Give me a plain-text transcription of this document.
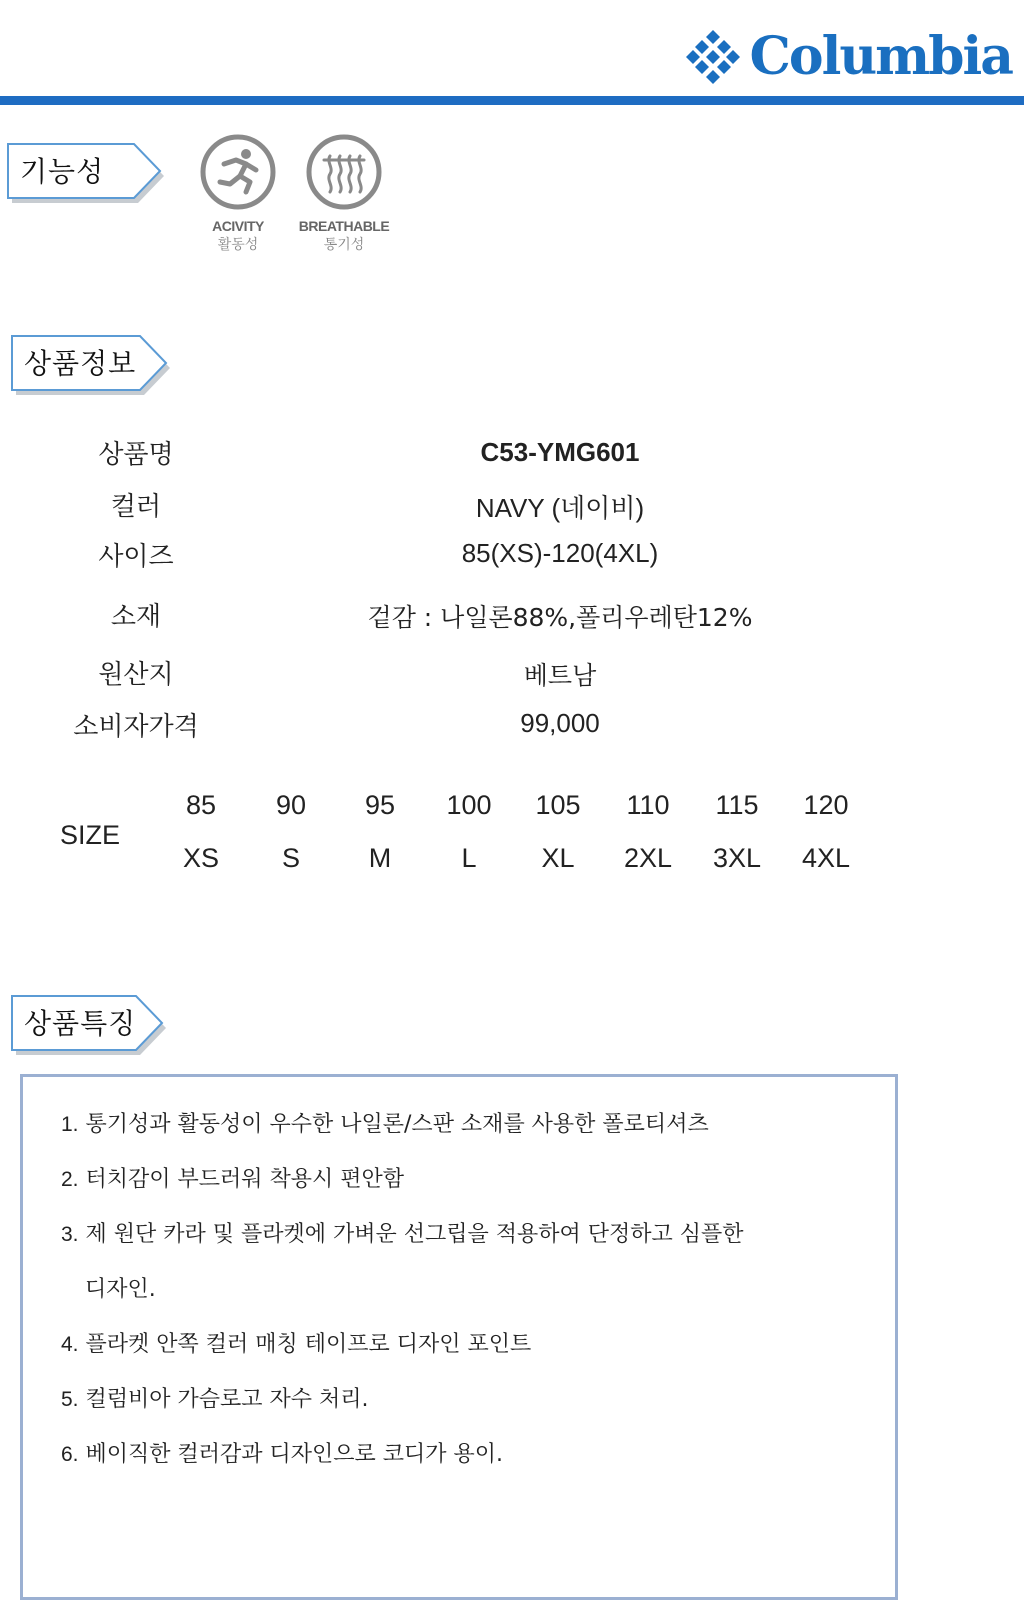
Columbia
기능성
ACIVITY
활동성
BREATHABLE
통기성
상품정보
상품명	C53-YMG601
컬러	NAVY (네이비)
사이즈	85(XS)-120(4XL)
소재	겉감 : 나일론88%,폴리우레탄12%
원산지	베트남
소비자가격	99,000
SIZE
85	90	95	100	105	110	115	120
XS	S	M	L	XL	2XL	3XL	4XL
상품특징
1. 통기성과 활동성이 우수한 나일론/스판 소재를 사용한 폴로티셔츠
2. 터치감이 부드러워 착용시 편안함
3. 제 원단 카라 및 플라켓에 가벼운 선그립을 적용하여 단정하고 심플한
디자인.
4. 플라켓 안쪽 컬러 매칭 테이프로 디자인 포인트
5. 컬럼비아 가슴로고 자수 처리.
6. 베이직한 컬러감과 디자인으로 코디가 용이.
